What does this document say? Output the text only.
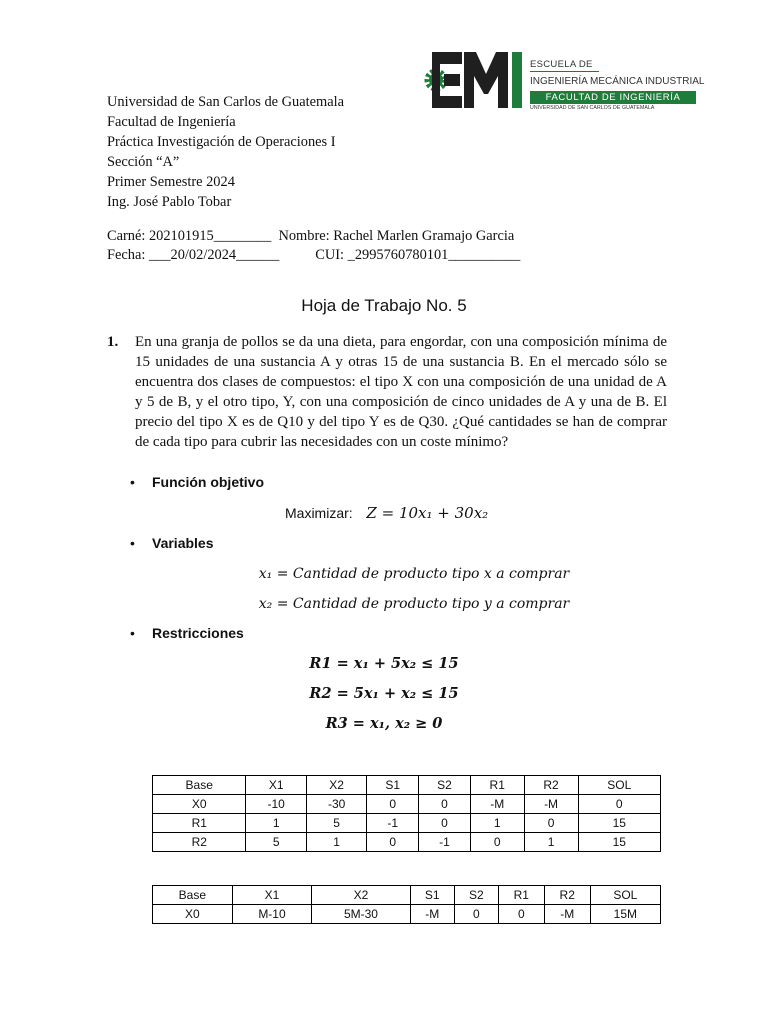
ESCUELA DE
INGENIERÍA MECÁNICA INDUSTRIAL
FACULTAD DE INGENIERÍA
UNIVERSIDAD DE SAN CARLOS DE GUATEMALA
Universidad de San Carlos de Guatemala
Facultad de Ingeniería
Práctica Investigación de Operaciones I
Sección “A”
Primer Semestre 2024
Ing. José Pablo Tobar
Carné: 202101915________  Nombre: Rachel Marlen Gramajo Garcia
Fecha: ___20/02/2024______          CUI: _2995760780101__________
Hoja de Trabajo No. 5
1. En una granja de pollos se da una dieta, para engordar, con una composición mínima de 15 unidades de una sustancia A y otras 15 de una sustancia B. En el mercado sólo se encuentra dos clases de compuestos: el tipo X con una composición de una unidad de A y 5 de B, y el otro tipo, Y, con una composición de cinco unidades de A y una de B. El precio del tipo X es de Q10 y del tipo Y es de Q30. ¿Qué cantidades se han de comprar de cada tipo para cubrir las necesidades con un coste mínimo?
• Función objetivo
Maximizar: Z = 10x₁ + 30x₂
• Variables
x₁ = Cantidad de producto tipo x a comprar
x₂ = Cantidad de producto tipo y a comprar
• Restricciones
R1 = x₁ + 5x₂ ≤ 15
R2 = 5x₁ + x₂ ≤ 15
R3 = x₁, x₂ ≥ 0
Base	X1	X2	S1	S2	R1	R2	SOL
X0	-10	-30	0	0	-M	-M	0
R1	1	5	-1	0	1	0	15
R2	5	1	0	-1	0	1	15
Base	X1	X2	S1	S2	R1	R2	SOL
X0	M-10	5M-30	-M	0	0	-M	15M
